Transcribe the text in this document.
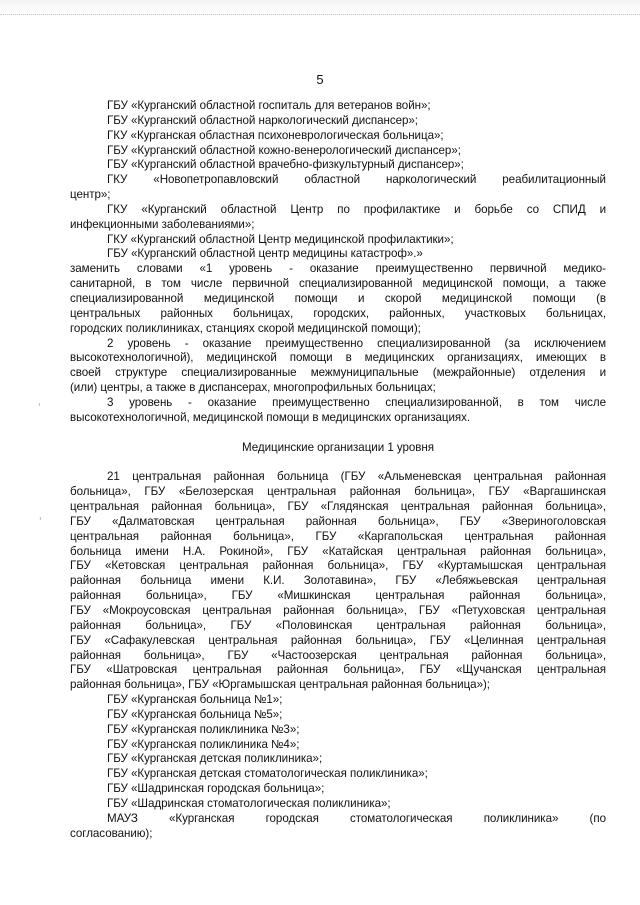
ⸯ
ⸯ
5
ГБУ «Курганский областной госпиталь для ветеранов войн»;
ГБУ «Курганский областной наркологический диспансер»;
ГКУ «Курганская областная психоневрологическая больница»;
ГБУ «Курганский областной кожно-венерологический диспансер»;
ГБУ «Курганский областной врачебно-физкультурный диспансер»;
ГКУ «Новопетропавловский областной наркологический реабилитационный
центр»;
ГКУ «Курганский областной Центр по профилактике и борьбе со СПИД и
инфекционными заболеваниями»;
ГКУ «Курганский областной Центр медицинской профилактики»;
ГБУ «Курганский областной центр медицины катастроф».»
заменить словами «1 уровень - оказание преимущественно первичной медико-
санитарной, в том числе первичной специализированной медицинской помощи, а также
специализированной медицинской помощи и скорой медицинской помощи (в
центральных районных больницах, городских, районных, участковых больницах,
городских поликлиниках, станциях скорой медицинской помощи);
2 уровень - оказание преимущественно специализированной (за исключением
высокотехнологичной), медицинской помощи в медицинских организациях, имеющих в
своей структуре специализированные межмуниципальные (межрайонные) отделения и
(или) центры, а также в диспансерах, многопрофильных больницах;
3 уровень - оказание преимущественно специализированной, в том числе
высокотехнологичной, медицинской помощи в медицинских организациях.
Медицинские организации 1 уровня
21 центральная районная больница (ГБУ «Альменевская центральная районная
больница», ГБУ «Белозерская центральная районная больница», ГБУ «Варгашинская
центральная районная больница», ГБУ «Глядянская центральная районная больница»,
ГБУ «Далматовская центральная районная больница», ГБУ «Звериноголовская
центральная районная больница», ГБУ «Каргапольская центральная районная
больница имени Н.А. Рокиной», ГБУ «Катайская центральная районная больница»,
ГБУ «Кетовская центральная районная больница», ГБУ «Куртамышская центральная
районная больница имени К.И. Золотавина», ГБУ «Лебяжьевская центральная
районная больница», ГБУ «Мишкинская центральная районная больница»,
ГБУ «Мокроусовская центральная районная больница», ГБУ «Петуховская центральная
районная больница», ГБУ «Половинская центральная районная больница»,
ГБУ «Сафакулевская центральная районная больница», ГБУ «Целинная центральная
районная больница», ГБУ «Частоозерская центральная районная больница»,
ГБУ «Шатровская центральная районная больница», ГБУ «Щучанская центральная
районная больница», ГБУ «Юргамышская центральная районная больница»);
ГБУ «Курганская больница №1»;
ГБУ «Курганская больница №5»;
ГБУ «Курганская поликлиника №3»;
ГБУ «Курганская поликлиника №4»;
ГБУ «Курганская детская поликлиника»;
ГБУ «Курганская детская стоматологическая поликлиника»;
ГБУ «Шадринская городская больница»;
ГБУ «Шадринская стоматологическая поликлиника»;
МАУЗ «Курганская городская стоматологическая поликлиника» (по
согласованию);
